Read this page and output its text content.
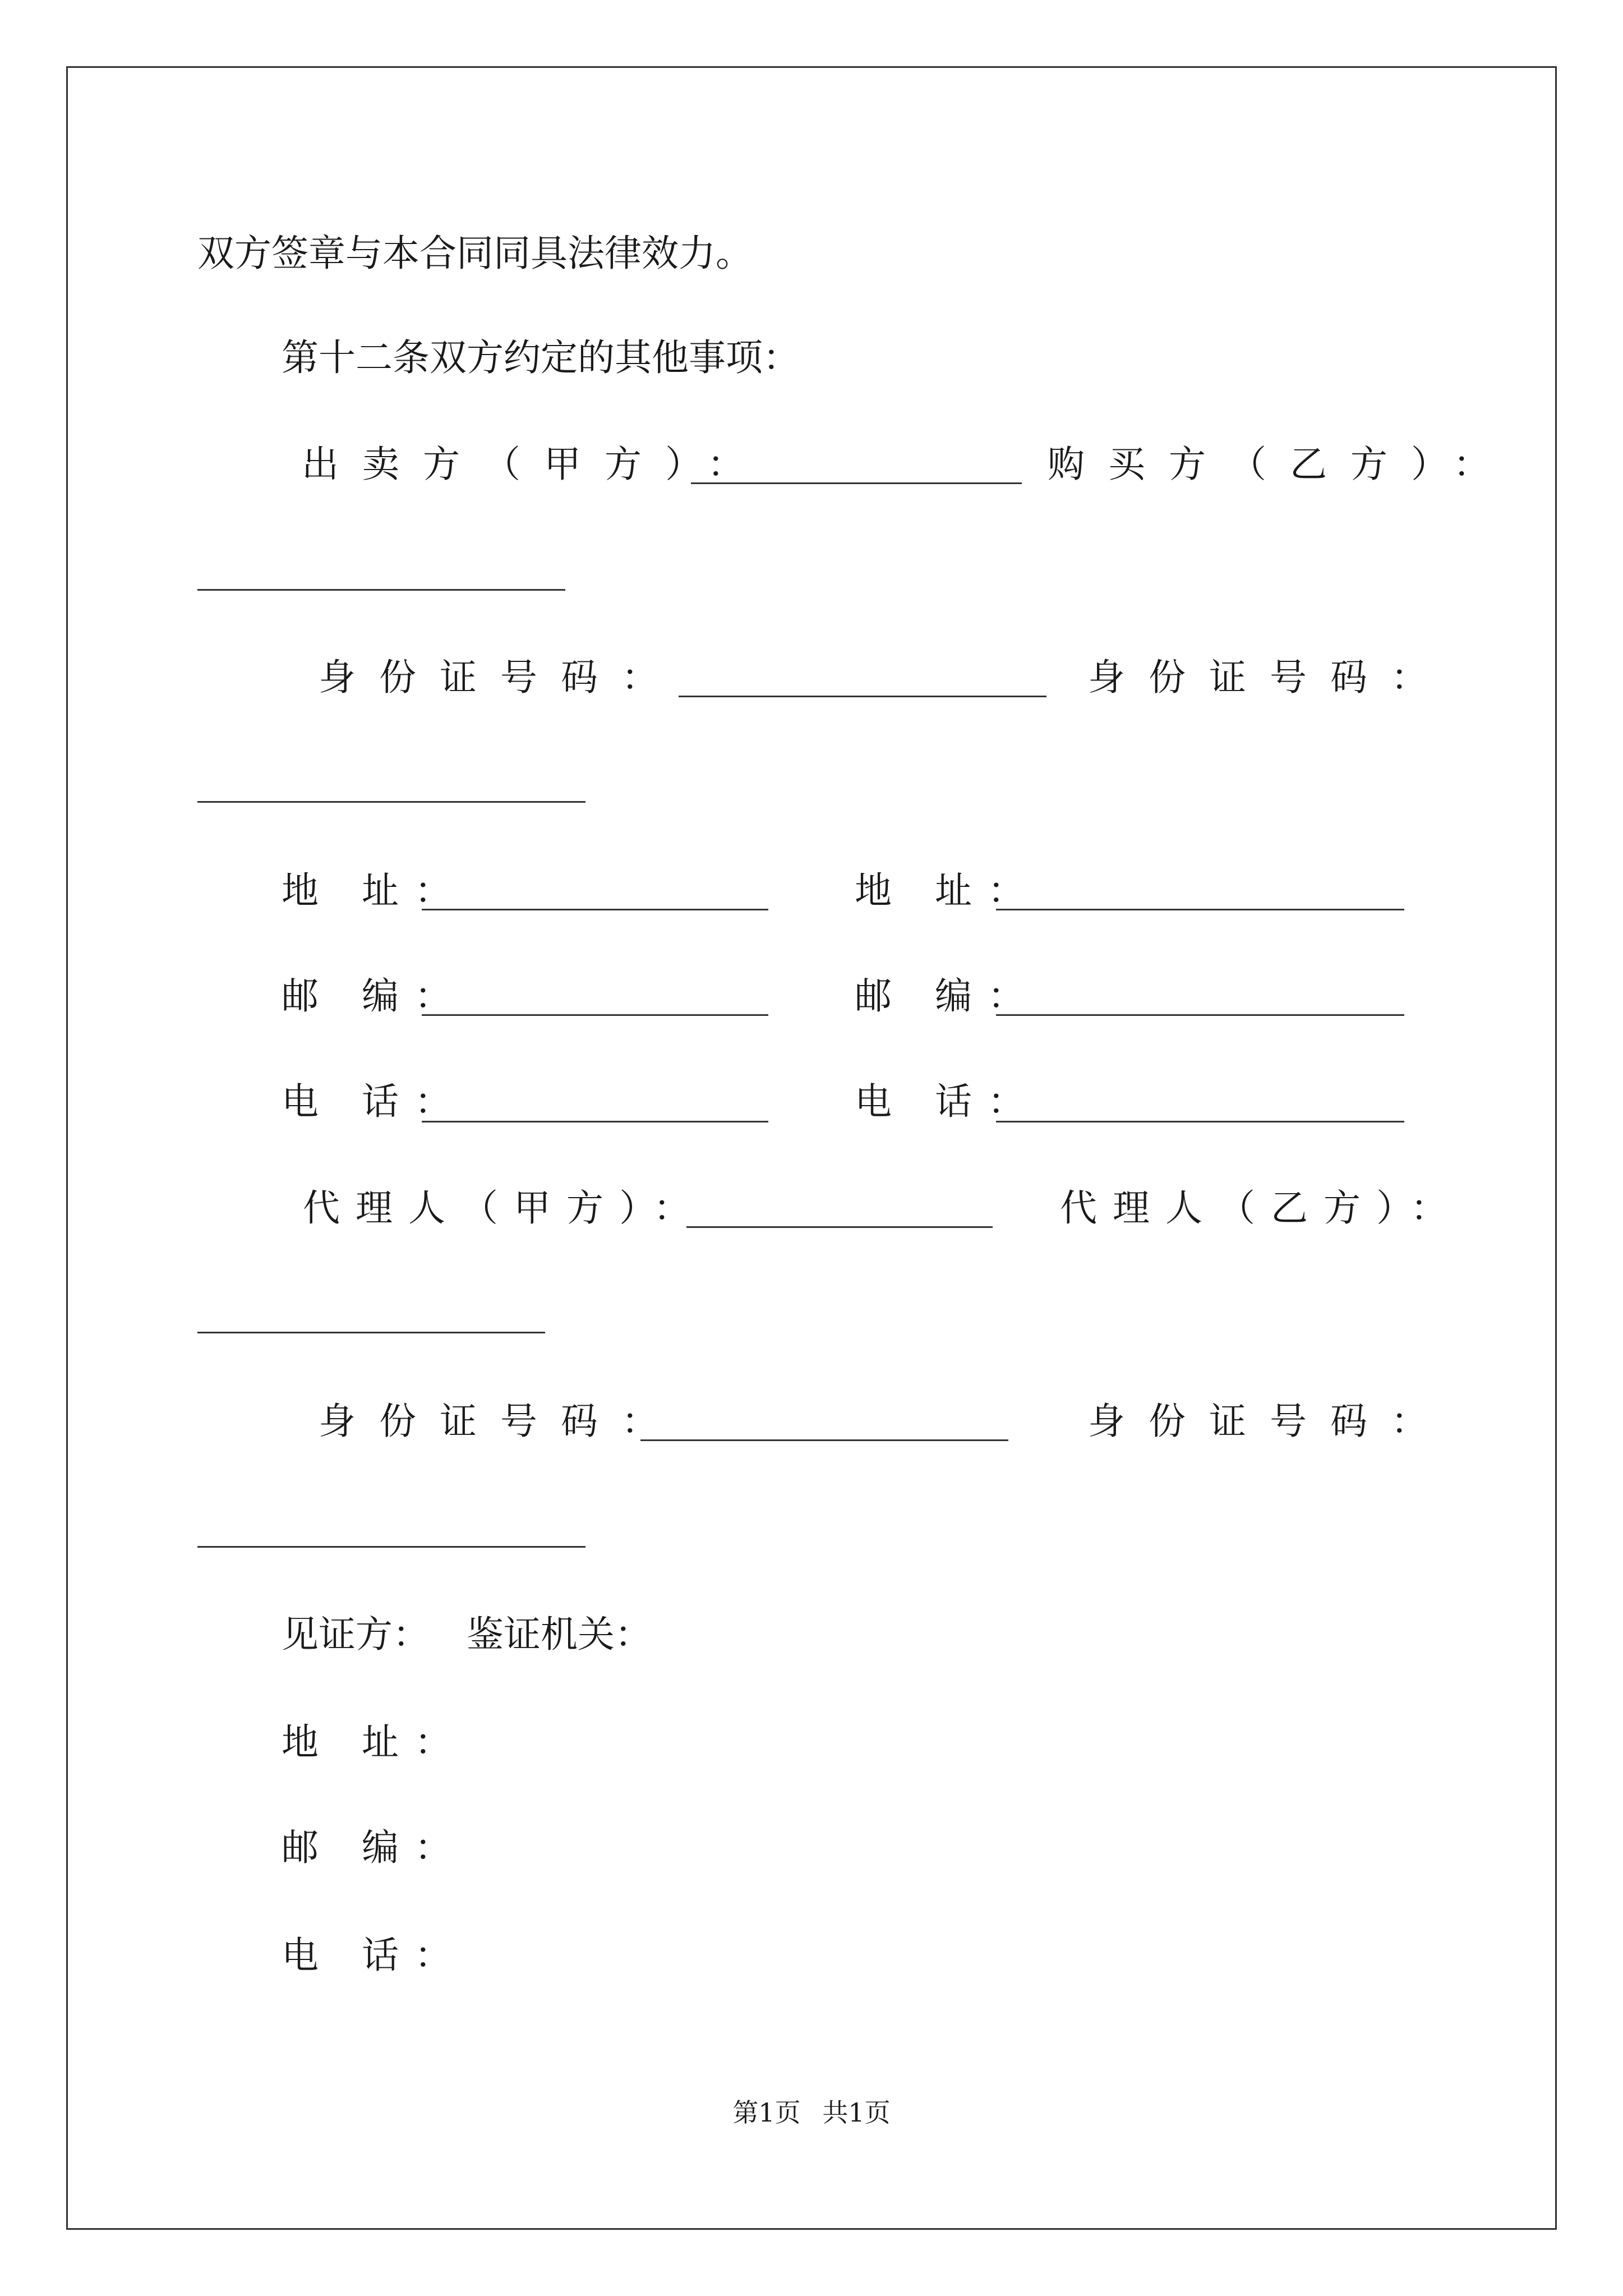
双方签章与本合同同具法律效力。
第十二条双方约定的其他事项：
出卖方（甲方）：	购买方（乙方）：
身份证号码：	身份证号码：
地 址：	地 址：
邮 编：	邮 编：
电 话：	电 话：
代理人（甲方）：	代理人（乙方）：
身份证号码：	身份证号码：
见证方： 鉴证机关：
地 址：
邮 编：
电 话：
第1页 共1页
